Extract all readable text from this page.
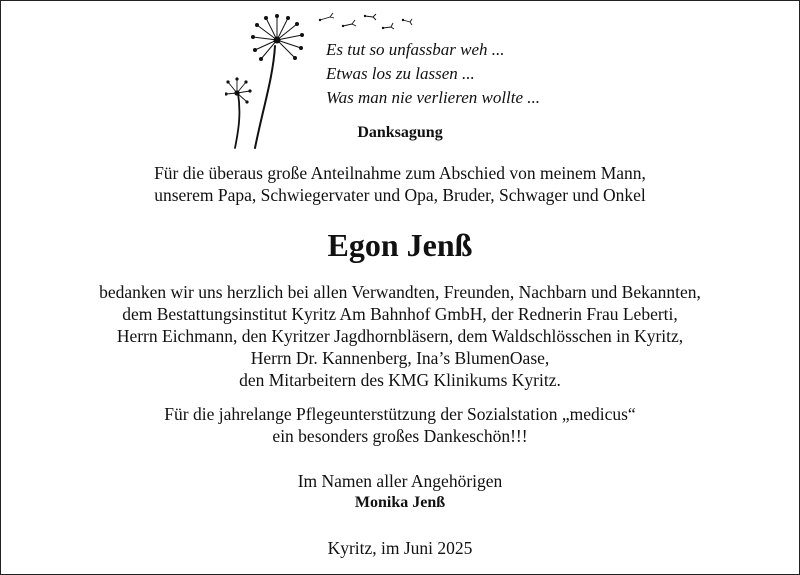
Es tut so unfassbar weh ...
Etwas los zu lassen ...
Was man nie verlieren wollte ...
Danksagung
Für die überaus große Anteilnahme zum Abschied von meinem Mann,
unserem Papa, Schwiegervater und Opa, Bruder, Schwager und Onkel
Egon Jenß
bedanken wir uns herzlich bei allen Verwandten, Freunden, Nachbarn und Bekannten,
dem Bestattungsinstitut Kyritz Am Bahnhof GmbH, der Rednerin Frau Leberti,
Herrn Eichmann, den Kyritzer Jagdhornbläsern, dem Waldschlösschen in Kyritz,
Herrn Dr. Kannenberg, Ina’s BlumenOase,
den Mitarbeitern des KMG Klinikums Kyritz.
Für die jahrelange Pflegeunterstützung der Sozialstation „medicus“
ein besonders großes Dankeschön!!!
Im Namen aller Angehörigen
Monika Jenß
Kyritz, im Juni 2025
